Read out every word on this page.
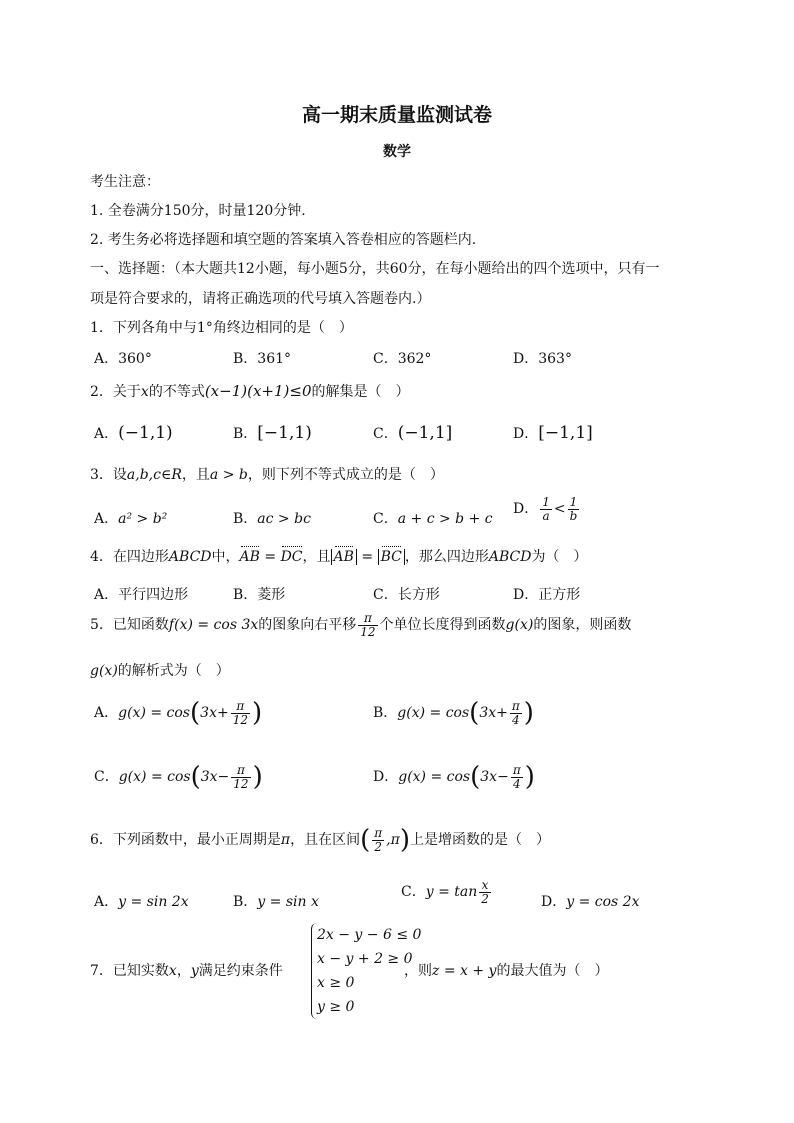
高一期末质量监测试卷
数学
考生注意：
1. 全卷满分150分，时量120分钟.
2. 考生务必将选择题和填空题的答案填入答卷相应的答题栏内.
一、选择题：（本大题共12小题，每小题5分，共60分，在每小题给出的四个选项中，只有一
项是符合要求的，请将正确选项的代号填入答题卷内.）
1．下列各角中与1°角终边相同的是（　）
A．360°	B．361°	C．362°	D．363°
2．关于x的不等式(x−1)(x+1)≤0的解集是（　）
A．(−1,1)	B．[−1,1)	C．(−1,1]	D．[−1,1]
3．设a,b,c∈R，且a > b，则下列不等式成立的是（　）
A．a² > b²	B．ac > bc	C．a + c > b + c
D． $\frac{1}{a} < \frac{1}{b}$
4．在四边形ABCD中，AB = DC，且 AB = BC ，那么四边形ABCD为（　）
A．平行四边形	B．菱形	C．长方形	D．正方形
5．已知函数f(x) = cos 3x的图象向右平移 $\frac{\pi}{12}$ 个单位长度得到函数g(x)的图象，则函数
g(x)的解析式为（　）
A．$g(x) = \cos(3x+ \frac{\pi}{12}$ )	B．$g(x) = \cos(3x+ \frac{\pi}{4}$ )
C．$g(x) = \cos(3x- \frac{\pi}{12}$ )	D．$g(x) = \cos(3x- \frac{\pi}{4}$ )
6．下列函数中，最小正周期是π，且在区间( $\frac{\pi}{2} ,\pi$)上是增函数的是（　）
A．y = sin 2x	B．y = sin x
C．$y = \tan \frac{x}{2}$	D．y = cos 2x
7．已知实数x，y满足约束条件
2x − y − 6 ≤ 0
x − y + 2 ≥ 0
x ≥ 0
y ≥ 0
，则z = x + y的最大值为（　）
